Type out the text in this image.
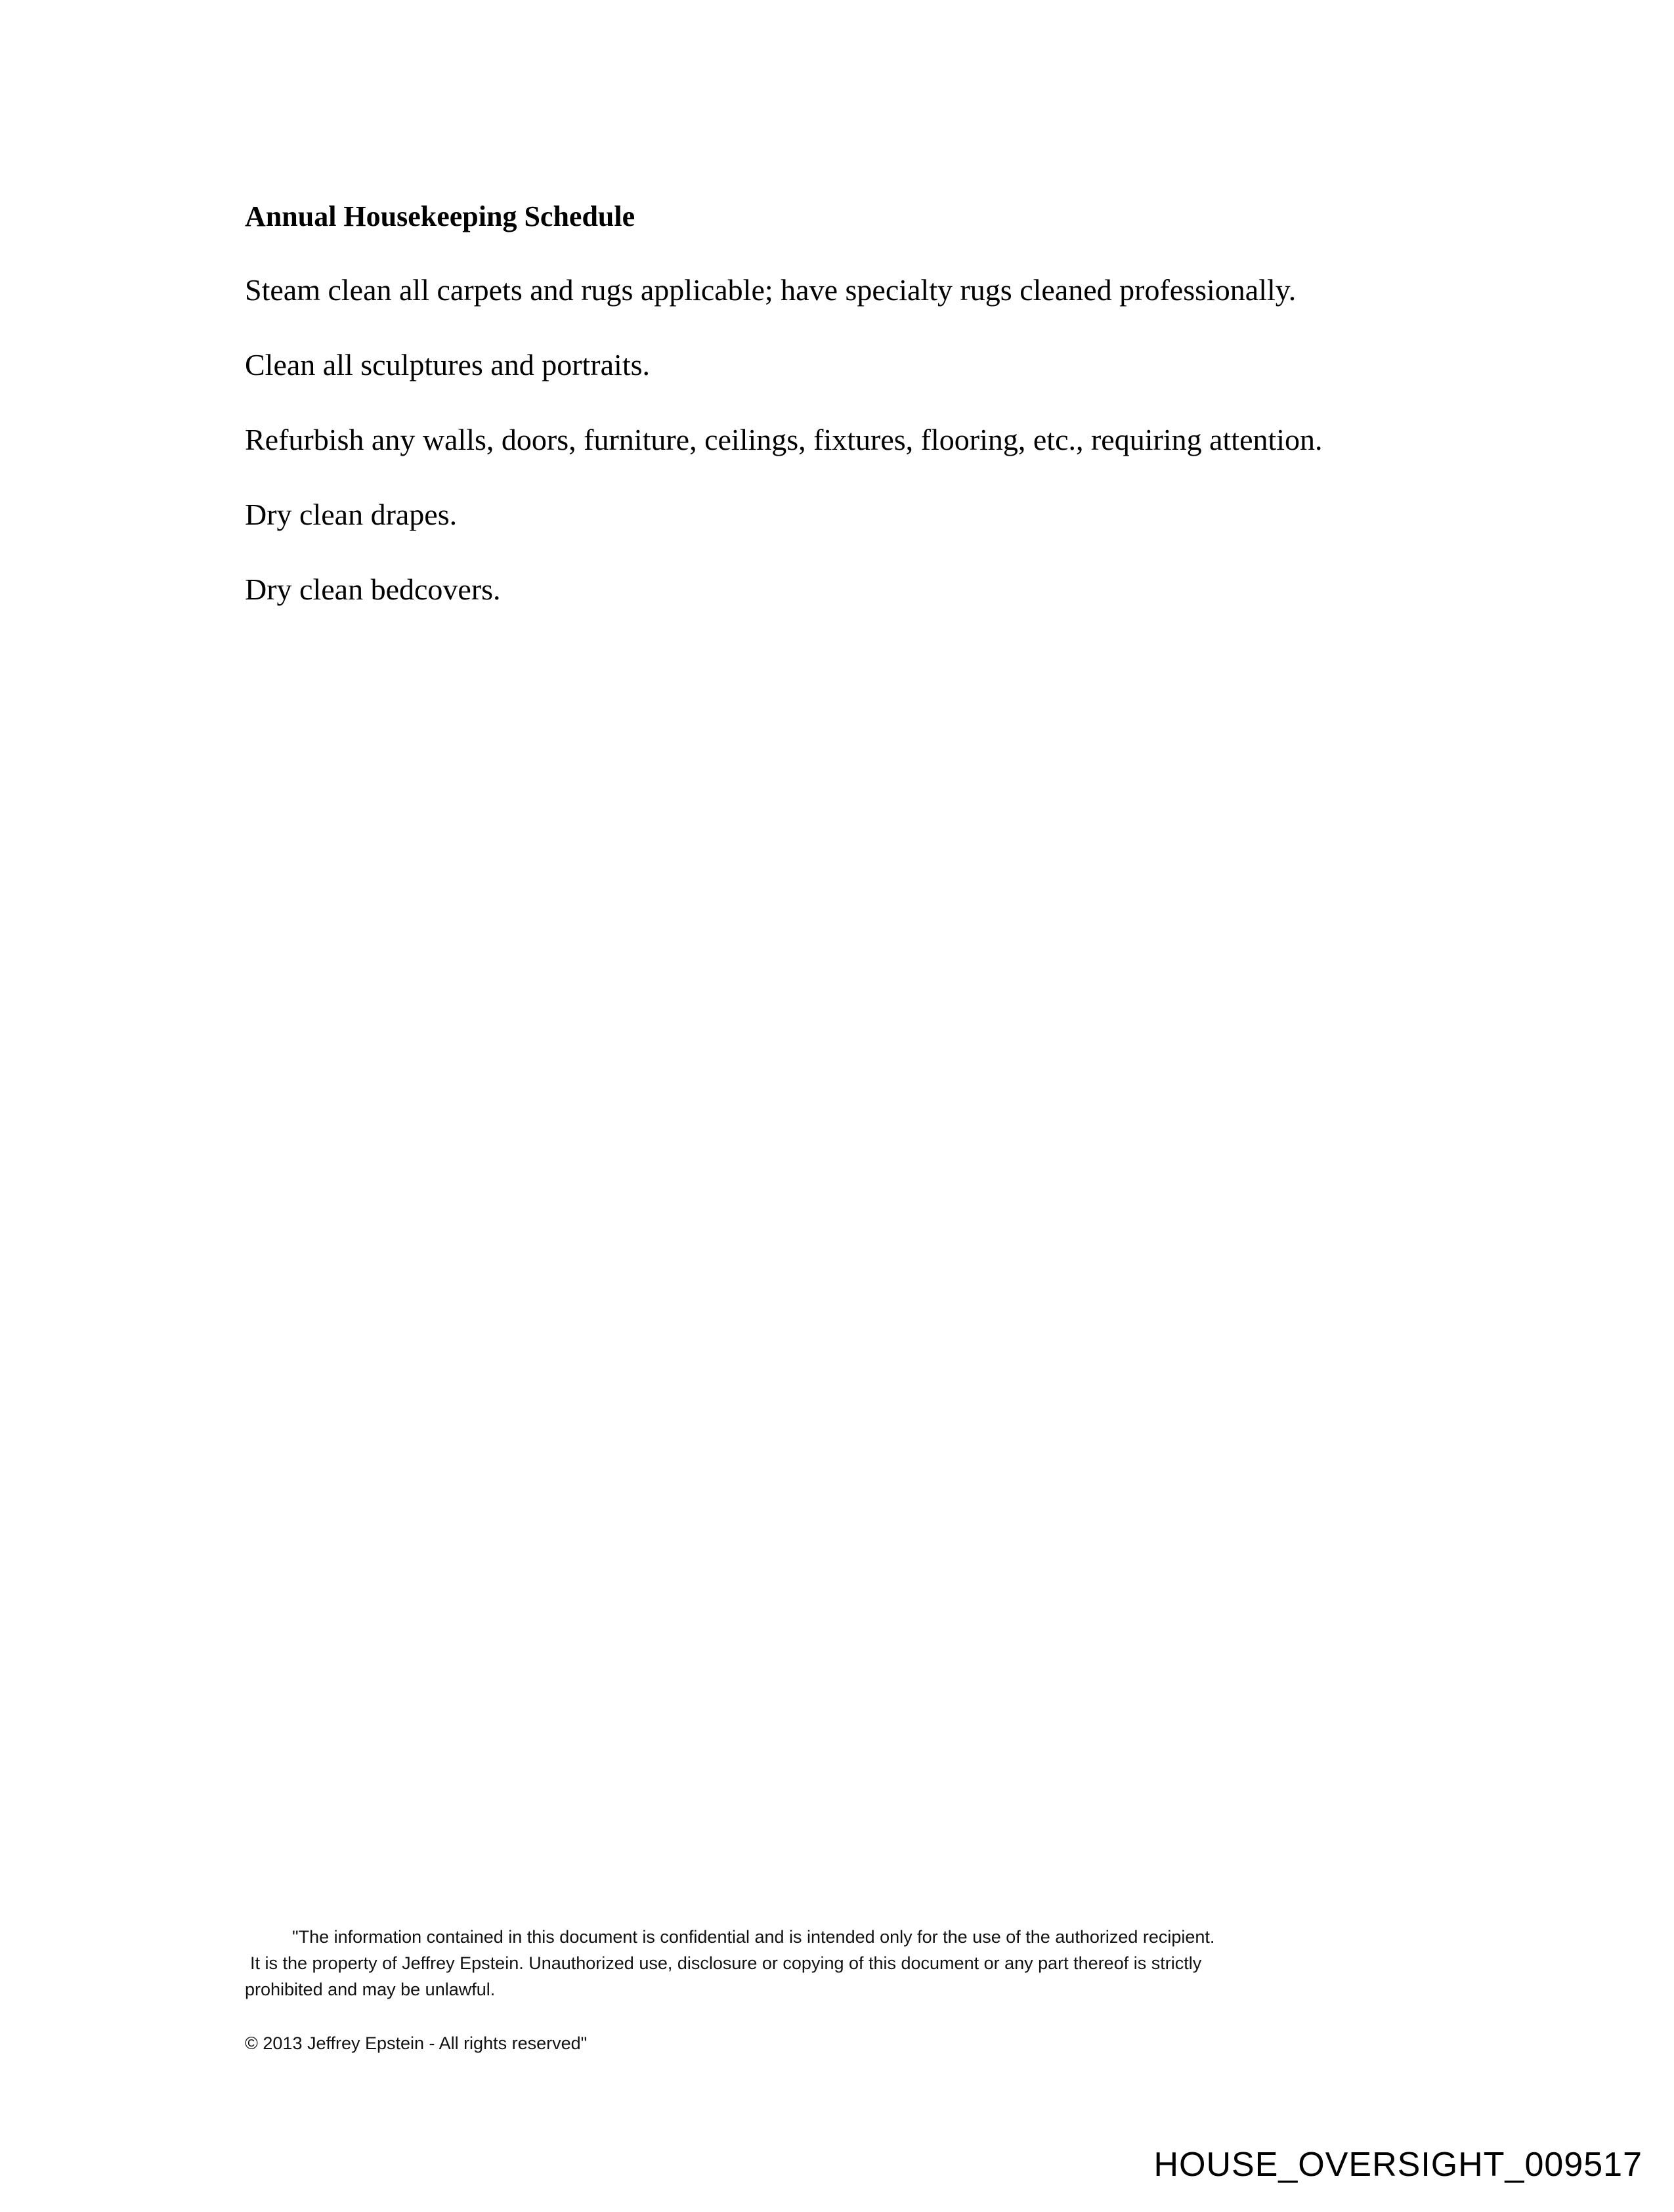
Annual Housekeeping Schedule
Steam clean all carpets and rugs applicable; have specialty rugs cleaned professionally.
Clean all sculptures and portraits.
Refurbish any walls, doors, furniture, ceilings, fixtures, flooring, etc., requiring attention.
Dry clean drapes.
Dry clean bedcovers.
"The information contained in this document is confidential and is intended only for the use of the authorized recipient.
It is the property of Jeffrey Epstein. Unauthorized use, disclosure or copying of this document or any part thereof is strictly
prohibited and may be unlawful.
© 2013 Jeffrey Epstein - All rights reserved"
HOUSE_OVERSIGHT_009517
